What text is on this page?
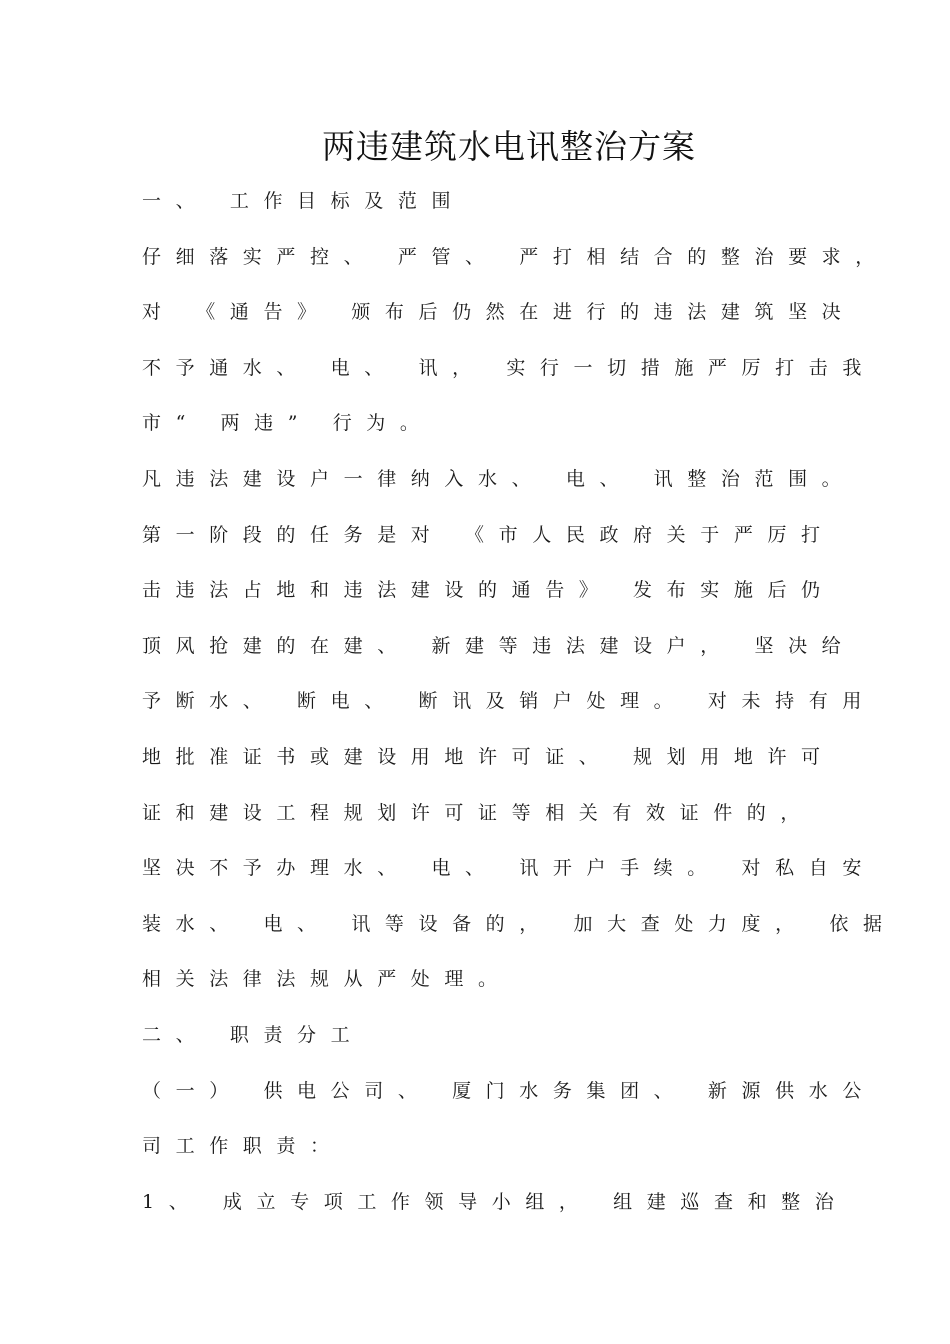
两违建筑水电讯整治方案
一、 工作目标及范围
仔细落实严控、 严管、 严打相结合的整治要求，
对 《通告》 颁布后仍然在进行的违法建筑坚决
不予通水、 电、 讯， 实行一切措施严厉打击我
市“ 两违” 行为。
凡违法建设户一律纳入水、 电、 讯整治范围。
第一阶段的任务是对 《市人民政府关于严厉打
击违法占地和违法建设的通告》 发布实施后仍
顶风抢建的在建、 新建等违法建设户， 坚决给
予断水、 断电、 断讯及销户处理。 对未持有用
地批准证书或建设用地许可证、 规划用地许可
证和建设工程规划许可证等相关有效证件的，
坚决不予办理水、 电、 讯开户手续。 对私自安
装水、 电、 讯等设备的， 加大查处力度， 依据
相关法律法规从严处理。
二、 职责分工
（一） 供电公司、 厦门水务集团、 新源供水公
司工作职责：
1、 成立专项工作领导小组， 组建巡查和整治
